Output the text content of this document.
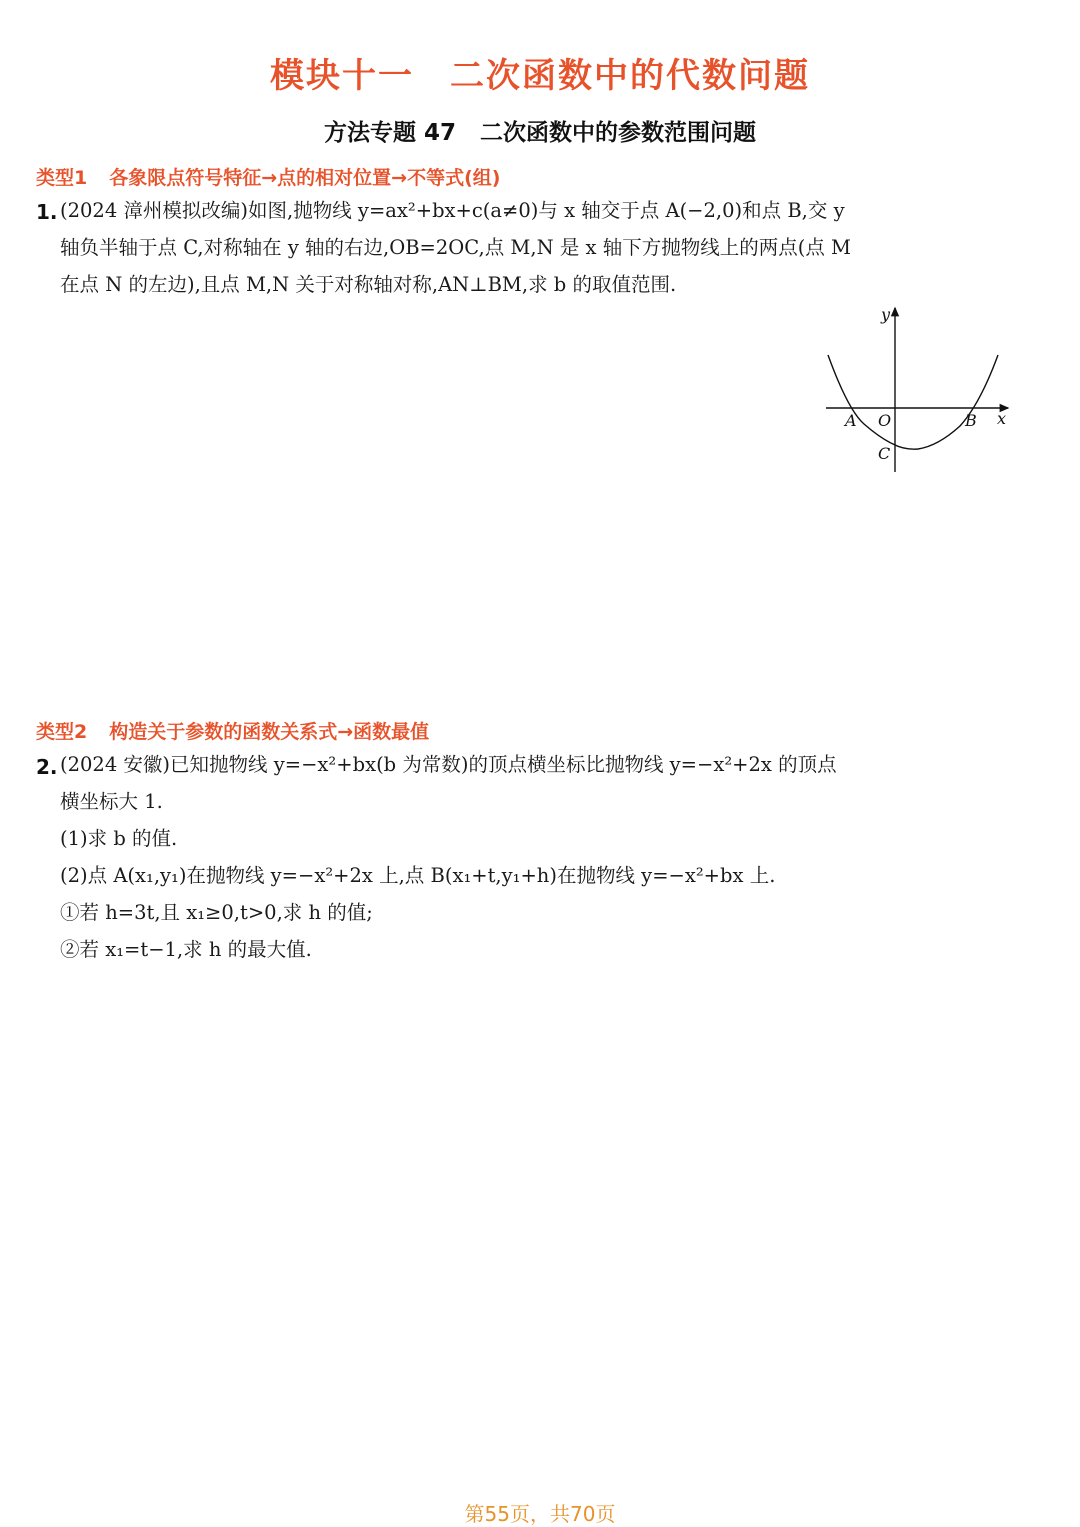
模块十一 二次函数中的代数问题
方法专题 47 二次函数中的参数范围问题
类型1 各象限点符号特征→点的相对位置→不等式(组)
1. (2024 漳州模拟改编)如图,抛物线 y=ax²+bx+c(a≠0)与 x 轴交于点 A(−2,0)和点 B,交 y
轴负半轴于点 C,对称轴在 y 轴的右边,OB=2OC,点 M,N 是 x 轴下方抛物线上的两点(点 M
在点 N 的左边),且点 M,N 关于对称轴对称,AN⊥BM,求 b 的取值范围.
y
x
A O	B
C
类型2 构造关于参数的函数关系式→函数最值
2. (2024 安徽)已知抛物线 y=−x²+bx(b 为常数)的顶点横坐标比抛物线 y=−x²+2x 的顶点
横坐标大 1.
(1)求 b 的值.
(2)点 A(x₁,y₁)在抛物线 y=−x²+2x 上,点 B(x₁+t,y₁+h)在抛物线 y=−x²+bx 上.
①若 h=3t,且 x₁≥0,t>0,求 h 的值;
②若 x₁=t−1,求 h 的最大值.
第55页，共70页
